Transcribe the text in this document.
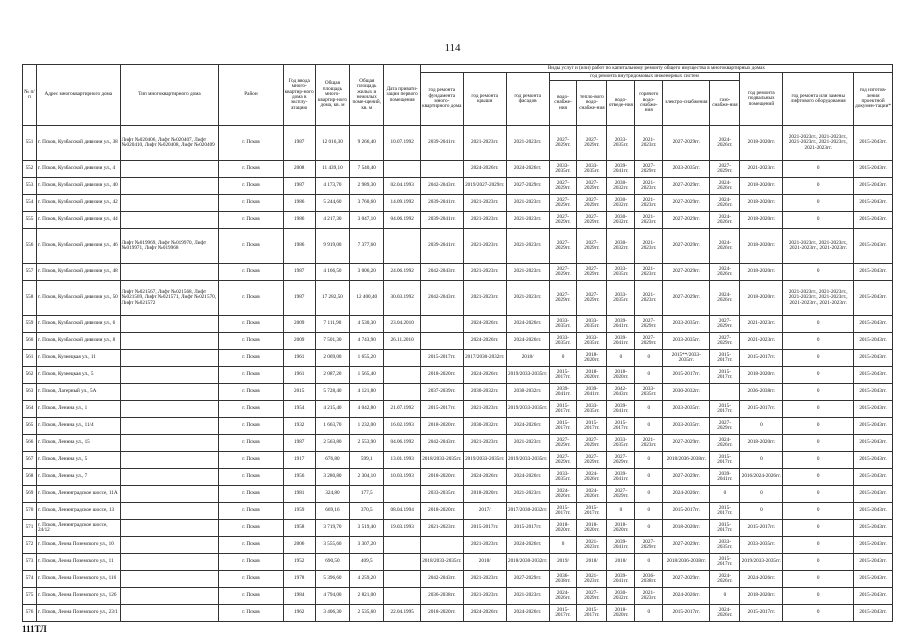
114
№ п/п	Адрес многоквартирного дома	Тип многоквартирного дома	Район	Год ввода много-квартир-ного дома в эксплу-атацию	Общая площадь много-квартир-ного дома, кв. м	Общая площадь жилых и нежилых поме-щений, кв. м	Дата привати-зации первого помещения	Виды услуг и (или) работ по капитальному ремонту общего имущества в многоквартирных домах											
								год ремонта фундамента много-квартирного дома	год ремонта крыши	год ремонта фасадов	год ремонта внутридомовых инженерных систем						год ремонта подвальных помещений	год ремонта или замены лифтового оборудования	год изготов-ления проектной докумен-тации*
											водо-снабже-ния	тепло-вого водо-снабже-ния	водо-отведе-ния	горячего водо-снабже-ния	электро-снабжения	газо-снабже-ния			
551	г. Псков, Кузбасской дивизии ул., 38	Лифт №020406, Лифт №020407, Лифт №020410, Лифт №020408, Лифт №020409	г. Псков	1987	12 016,30	9 266,40	10.07.1992	2039-2041гг.	2021-2023гг.	2021-2023гг.	2027-2029гг.	2027-2029гг.	2033-2035гг.	2021-2023гг.	2027-2029гг.	2024-2026гг.	2018-2020гг.	2021-2023гг., 2021-2023гг., 2021-2023гг., 2021-2023гг., 2021-2023гг.	2015-2043гг.
552	г. Псков, Кузбасской дивизии ул., 4		г. Псков	2008	11 439,10	7 540,40			2024-2026гг.	2024-2026гг.	2033-2035гг.	2033-2035гг.	2039-2041гг.	2027-2029гг.	2033-2035гг.	2027-2029гг.	2021-2023гг.	0	2015-2043гг.
553	г. Псков, Кузбасской дивизии ул., 40		г. Псков	1987	4 173,70	2 989,30	02.04.1993	2042-2043гг.	2019/2027-2029гг.	2027-2029гг.	2027-2029гг.	2027-2029гг.	2030-2032гг.	2021-2023гг.	2027-2029гг.	2024-2026гг.	2018-2020гг.	0	2015-2043гг.
554	г. Псков, Кузбасской дивизии ул., 42		г. Псков	1986	5 244,60	3 760,60	14.09.1992	2039-2041гг.	2021-2023гг.	2021-2023гг.	2027-2029гг.	2027-2029гг.	2030-2032гг.	2021-2023гг.	2027-2029гг.	2024-2026гг.	2018-2020гг.	0	2015-2043гг.
555	г. Псков, Кузбасской дивизии ул., 44		г. Псков	1986	4 217,30	3 047,10	04.06.1992	2039-2041гг.	2021-2023гг.	2021-2023гг.	2027-2029гг.	2027-2029гг.	2030-2032гг.	2021-2023гг.	2027-2029гг.	2024-2026гг.	2018-2020гг.	0	2015-2043гг.
556	г. Псков, Кузбасской дивизии ул., 46	Лифт №019969, Лифт №019970, Лифт №019971, Лифт №019968	г. Псков	1986	9 919,00	7 377,60		2039-2041гг.	2021-2023гг.	2021-2023гг.	2027-2029гг.	2027-2029гг.	2030-2032гг.	2021-2023гг.	2027-2029гг.	2024-2026гг.	2018-2020гг.	2021-2023гг., 2021-2023гг., 2021-2023гг., 2021-2023гг.	2015-2043гг.
557	г. Псков, Кузбасской дивизии ул., 48		г. Псков	1987	4 166,50	3 006,20	24.06.1992	2042-2043гг.	2021-2023гг.	2021-2023гг.	2027-2029гг.	2027-2029гг.	2033-2035гг.	2021-2023гг.	2027-2029гг.	2024-2026гг.	2018-2020гг.	0	2015-2043гг.
558	г. Псков, Кузбасской дивизии ул., 50	Лифт №021567, Лифт №021568, Лифт №021569, Лифт №021571, Лифт №021570, Лифт №021572	г. Псков	1987	17 282,50	12 400,40	30.03.1992	2042-2043гг.	2021-2023гг.	2021-2023гг.	2027-2029гг.	2027-2029гг.	2033-2035гг.	2021-2023гг.	2027-2029гг.	2024-2026гг.	2018-2020гг.	2021-2023гг., 2021-2023гг., 2021-2023гг., 2021-2023гг., 2021-2023гг., 2021-2023гг.	2015-2043гг.
559	г. Псков, Кузбасской дивизии ул., 6		г. Псков	2009	7 111,90	4 530,30	23.04.2010		2024-2026гг.	2024-2026гг.	2033-2035гг.	2033-2035гг.	2039-2041гг.	2027-2029гг.	2033-2035гг.	2027-2029гг.	2021-2023гг.	0	2015-2043гг.
560	г. Псков, Кузбасской дивизии ул., 8		г. Псков	2009	7 501,30	4 743,90	26.11.2010		2024-2026гг.	2024-2026гг.	2033-2035гг.	2033-2035гг.	2039-2041гг.	2027-2029гг.	2033-2035гг.	2027-2029гг.	2021-2023гг.	0	2015-2043гг.
561	г. Псков, Кузнецкая ул., 11		г. Псков	1961	2 069,00	1 655,20		2015-2017гг.	2017/2030-2032гг.	2018/	0	2018-2020гг.	0	0	2015**/2033-2035гг.	2015-2017гг.	2015-2017гг.	0	2015-2043гг.
562	г. Псков, Кузнецкая ул., 5		г. Псков	1961	2 087,20	1 565,40		2018-2020гг.	2024-2026гг.	2019/2033-2035гг.	2015-2017гг.	2018-2020гг.	2018-2020гг.	0	2015-2017гг.	2015-2017гг.	2018-2020гг.	0	2015-2043гг.
563	г. Псков, Лагерный ул., 5А		г. Псков	2015	5 728,40	4 121,80		2037-2039гг.	2030-2032гг.	2030-2032гг.	2039-2041гг.	2039-2041гг.	2042-2043гг.	2033-2035гг.	2030-2032гг.		2036-2038гг.	0	2015-2043гг.
564	г. Псков, Ленина ул., 1		г. Псков	1954	4 215,40	4 042,80	21.07.1992	2015-2017гг.	2021-2023гг.	2019/2033-2035гг.	2015-2017гг.	2033-2035гг.	2039-2041гг.	0	2033-2035гг.	2015-2017гг.	2015-2017гг.	0	2015-2043гг.
565	г. Псков, Ленина ул., 11/4		г. Псков	1932	1 663,70	1 232,00	16.02.1993	2018-2020гг.	2030-2032гг.	2024-2026гг.	2015-2017гг.	2015-2017гг.	2015-2017гг.	0	2033-2035гг.	2027-2029гг.	0	0	2015-2043гг.
566	г. Псков, Ленина ул., 15		г. Псков	1987	2 563,80	2 553,90	04.06.1992	2042-2043гг.	2021-2023гг.	2021-2023гг.	2027-2029гг.	2027-2029гг.	2033-2035гг.	2021-2023гг.	2027-2029гг.	2024-2026гг.	2018-2020гг.	0	2015-2043гг.
567	г. Псков, Ленина ул., 5		г. Псков	1917	676,80	599,1	13.01.1993	2018/2033-2035гг.	2019/2033-2035гг.	2019/2033-2035гг.	2027-2029гг.	2027-2029гг.	2027-2029гг.	0	2018/2036-2038гг.	2015-2017гг.	0	0	2015-2043гг.
568	г. Псков, Ленина ул., 7		г. Псков	1956	3 280,80	2 304,10	10.03.1993	2018-2020гг.	2024-2026гг.	2024-2026гг.	2033-2035гг.	2024-2026гг.	2039-2041гг.	0	2027-2029гг.	2039-2041гг.	2016/2024-2026гг.	0	2015-2043гг.
569	г. Псков, Ленинградское шоссе, 11А		г. Псков	1981	324,80	177,5		2033-2035гг.	2018-2020гг.	2021-2023гг.	2024-2026гг.	2024-2026гг.	2027-2029гг.	0	2024-2026гг.	0	0	0	2015-2043гг.
570	г. Псков, Ленинградское шоссе, 13		г. Псков	1959	669,16	370,5	08.04.1994	2018-2020гг.	2017/	2017/2030-2032гг.	2015-2017гг.	2015-2017гг.	0	0	2015-2017гг.	2015-2017гг.	0	0	2015-2043гг.
571	г. Псков, Ленинградское шоссе, 24/12		г. Псков	1958	3 719,70	3 519,40	19.03.1993	2021-2023гг.	2015-2017гг.	2015-2017гг.	2018-2020гг.	2018-2020гг.	2018-2020гг.	0	2018-2020гг.	2015-2017гг.	2015-2017гг.	0	2015-2043гг.
572	г. Псков, Леона Поземского ул., 10		г. Псков	2006	3 555,60	3 307,20			2021-2023гг.	2024-2026гг.	0	2021-2023гг.	2039-2041гг.	2027-2029гг.	2027-2029гг.	2033-2035гг.	2033-2035гг.	0	2015-2043гг.
573	г. Псков, Леона Поземского ул., 11		г. Псков	1952	690,50	409,5		2018/2033-2035гг.	2018/	2018/2030-2032гг.	2019/	2018/	2018/	0	2018/2036-2038гг.	2015-2017гг.	2019/2033-2035гг.	0	2015-2043гг.
574	г. Псков, Леона Поземского ул., 116		г. Псков	1978	5 396,60	4 259,20		2042-2043гг.	2021-2023гг.	2027-2029гг.	2036-2038гг.	2021-2023гг.	2039-2041гг.	2036-2038гг.	2027-2029гг.	2024-2026гг.	2024-2026гг.	0	2015-2043гг.
575	г. Псков, Леона Поземского ул., 126		г. Псков	1984	4 794,00	2 821,00		2036-2038гг.	2021-2023гг.	2021-2023гг.	2024-2026гг.	2027-2029гг.	2030-2032гг.	2021-2023гг.	2024-2026гг.	0	2018-2020гг.	0	2015-2043гг.
576	г. Псков, Леона Поземского ул., 23/1		г. Псков	1962	3 406,30	2 535,60	22.04.1995	2018-2020гг.	2024-2026гг.	2024-2026гг.	2015-2017гг.	2015-2017гг.	2018-2020гг.	0	2015-2017гг.	2024-2026гг.	2015-2017гг.	0	2015-2043гг.
111ТЛ
